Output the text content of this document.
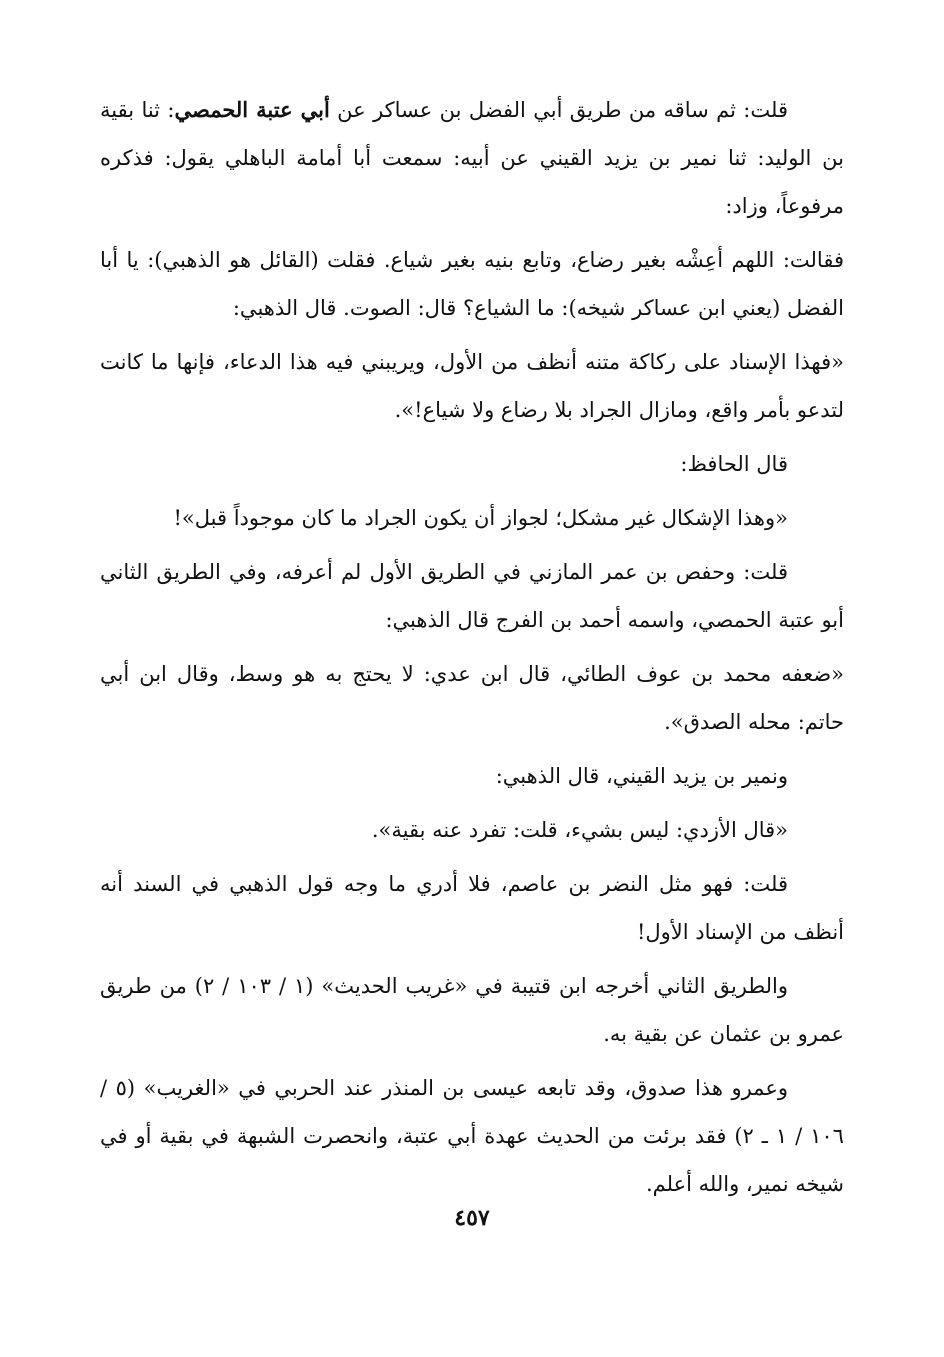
قلت: ثم ساقه من طريق أبي الفضل بن عساكر عن أبي عتبة الحمصي: ثنا بقية بن الوليد: ثنا نمير بن يزيد القيني عن أبيه: سمعت أبا أمامة الباهلي يقول: فذكره مرفوعاً، وزاد:

فقالت: اللهم أعِشْه بغير رضاع، وتابع بنيه بغير شياع. فقلت (القائل هو الذهبي): يا أبا الفضل (يعني ابن عساكر شيخه): ما الشياع؟ قال: الصوت. قال الذهبي:

«فهذا الإسناد على ركاكة متنه أنظف من الأول، ويريبني فيه هذا الدعاء، فإنها ما كانت لتدعو بأمر واقع، ومازال الجراد بلا رضاع ولا شياع!».

قال الحافظ:

«وهذا الإشكال غير مشكل؛ لجواز أن يكون الجراد ما كان موجوداً قبل»!

قلت: وحفص بن عمر المازني في الطريق الأول لم أعرفه، وفي الطريق الثاني أبو عتبة الحمصي، واسمه أحمد بن الفرج قال الذهبي:

«ضعفه محمد بن عوف الطائي، قال ابن عدي: لا يحتج به هو وسط، وقال ابن أبي حاتم: محله الصدق».

ونمير بن يزيد القيني، قال الذهبي:

«قال الأزدي: ليس بشيء، قلت: تفرد عنه بقية».

قلت: فهو مثل النضر بن عاصم، فلا أدري ما وجه قول الذهبي في السند أنه أنظف من الإسناد الأول!

والطريق الثاني أخرجه ابن قتيبة في «غريب الحديث» (١ / ١٠٣ / ٢) من طريق عمرو بن عثمان عن بقية به.

وعمرو هذا صدوق، وقد تابعه عيسى بن المنذر عند الحربي في «الغريب» (٥ / ١٠٦ / ١ ـ ٢) فقد برئت من الحديث عهدة أبي عتبة، وانحصرت الشبهة في بقية أو في شيخه نمير، والله أعلم.

٤٥٧
